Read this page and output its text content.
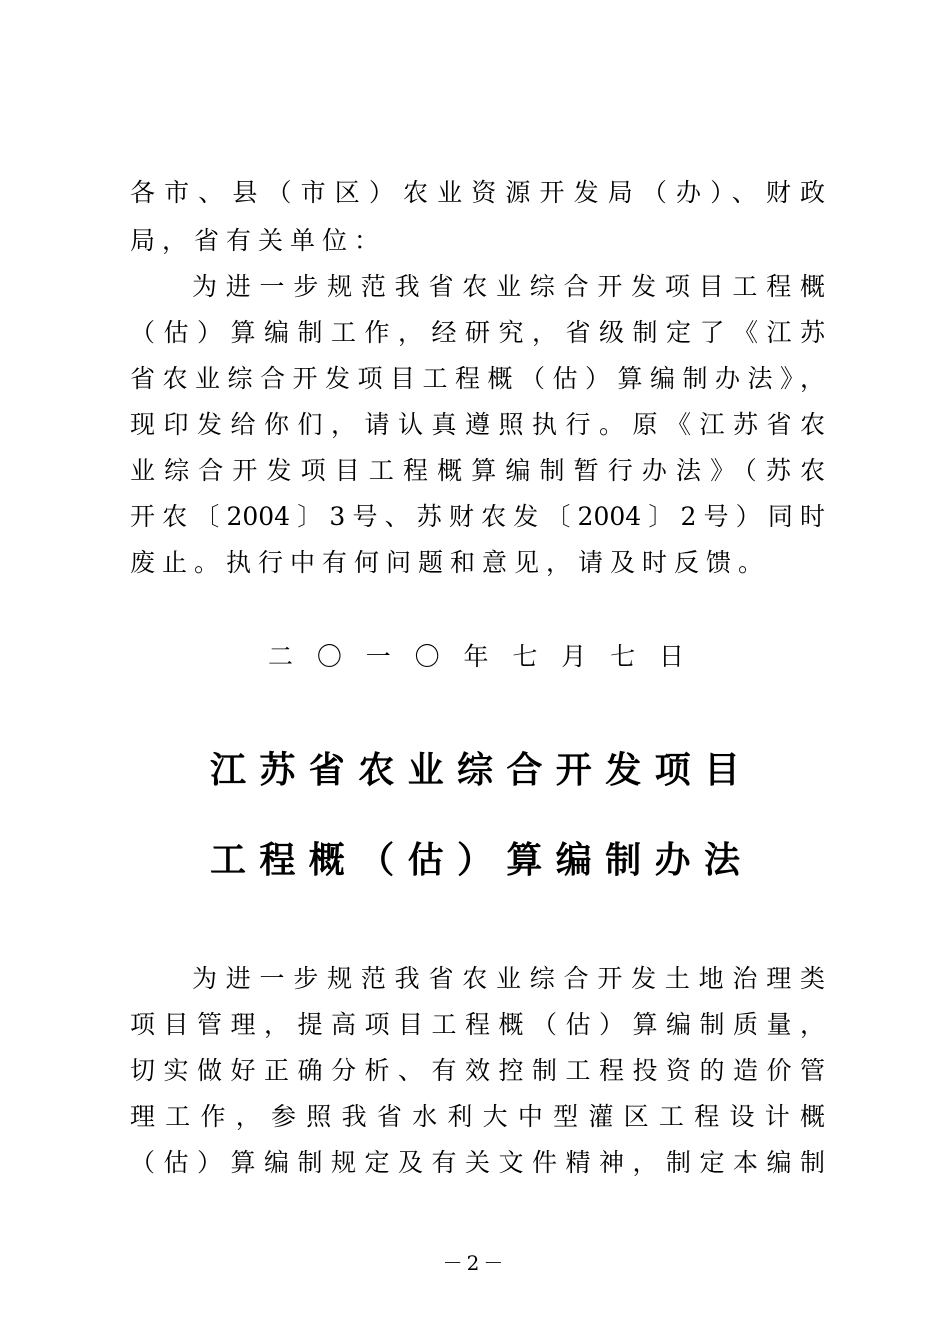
各市、县（市区）农业资源开发局（办）、财政
局，省有关单位：
为进一步规范我省农业综合开发项目工程概
（估）算编制工作，经研究，省级制定了《江苏
省农业综合开发项目工程概（估）算编制办法》，
现印发给你们，请认真遵照执行。原《江苏省农
业综合开发项目工程概算编制暂行办法》（苏农
开农〔2004〕3号、苏财农发〔2004〕2号）同时
废止。执行中有何问题和意见，请及时反馈。
二〇一〇年七月七日
江苏省农业综合开发项目
工程概（估）算编制办法
为进一步规范我省农业综合开发土地治理类
项目管理，提高项目工程概（估）算编制质量，
切实做好正确分析、有效控制工程投资的造价管
理工作，参照我省水利大中型灌区工程设计概
（估）算编制规定及有关文件精神，制定本编制
－2－
